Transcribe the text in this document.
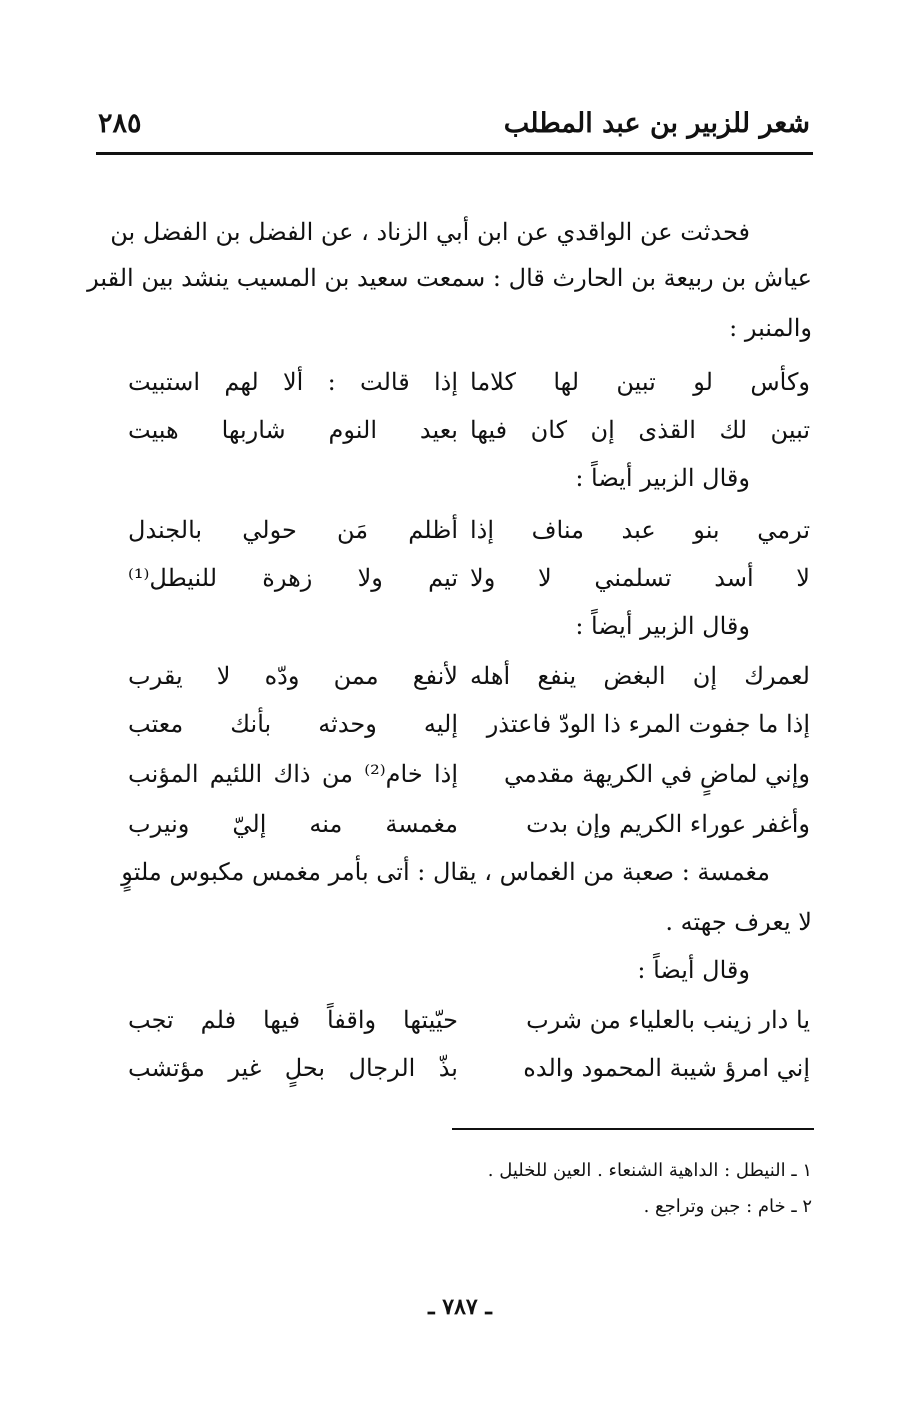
شعر للزبير بن عبد المطلب
٢٨٥
فحدثت عن الواقدي عن ابن أبي الزناد ، عن الفضل بن الفضل بن
عياش بن ربيعة بن الحارث قال : سمعت سعيد بن المسيب ينشد بين القبر
والمنبر :
وكأس لو تبين لها كلاما
إذا قالت : ألا لهم استبيت
تبين لك القذى إن كان فيها
بعيد النوم شاربها هبيت
وقال الزبير أيضاً :
ترمي بنو عبد مناف إذا
أظلم مَن حولي بالجندل
لا أسد تسلمني لا ولا
تيم ولا زهرة للنيطل⁽¹⁾
وقال الزبير أيضاً :
لعمرك إن البغض ينفع أهله
لأنفع ممن ودّه لا يقرب
إذا ما جفوت المرء ذا الودّ فاعتذر
إليه وحدثه بأنك معتب
وإني لماضٍ في الكريهة مقدمي
إذا خام⁽²⁾ من ذاك اللئيم المؤنب
وأغفر عوراء الكريم وإن بدت
مغمسة منه إليّ ونيرب
مغمسة : صعبة من الغماس ، يقال : أتى بأمر مغمس مكبوس ملتوٍ
لا يعرف جهته .
وقال أيضاً :
يا دار زينب بالعلياء من شرب
حيّيتها واقفاً فيها فلم تجب
إني امرؤ شيبة المحمود والده
بذّ الرجال بحلٍ غير مؤتشب
١ ـ النيطل : الداهية الشنعاء . العين للخليل .
٢ ـ خام : جبن وتراجع .
ـ ٧٨٧ ـ
